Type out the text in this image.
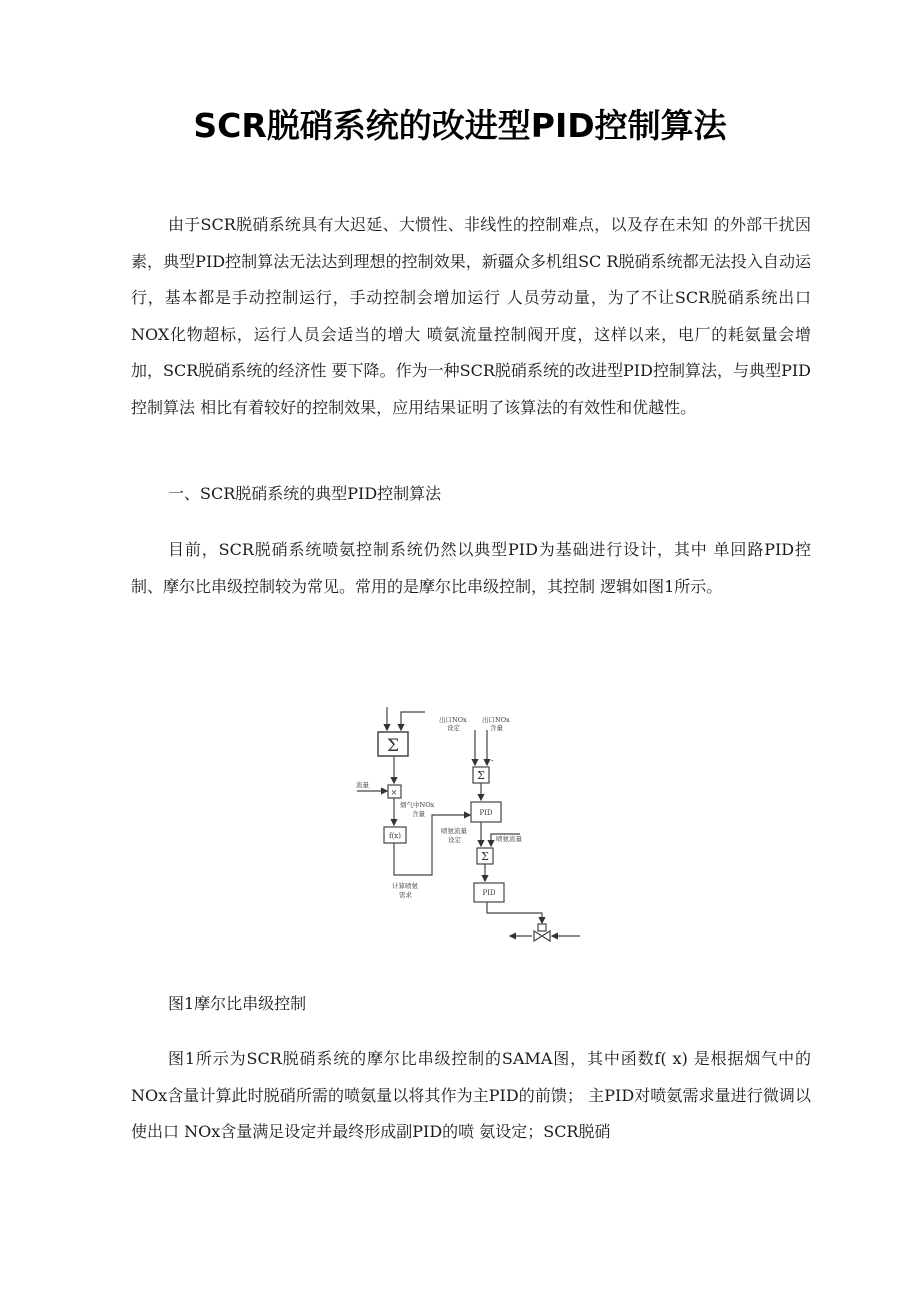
SCR脱硝系统的改进型PID控制算法

由于SCR脱硝系统具有大迟延、大惯性、非线性的控制难点，以及存在未知 的外部干扰因素，典型PID控制算法无法达到理想的控制效果，新疆众多机组SC R脱硝系统都无法投入自动运行，基本都是手动控制运行，手动控制会增加运行 人员劳动量，为了不让SCR脱硝系统出口 NOX化物超标，运行人员会适当的增大 喷氨流量控制阀开度，这样以来，电厂的耗氨量会增加，SCR脱硝系统的经济性 要下降。作为一种SCR脱硝系统的改进型PID控制算法，与典型PID控制算法 相比有着较好的控制效果，应用结果证明了该算法的有效性和优越性。

一、SCR脱硝系统的典型PID控制算法

目前，SCR脱硝系统喷氨控制系统仍然以典型PID为基础进行设计，其中 单回路PID控制、摩尔比串级控制较为常见。常用的是摩尔比串级控制，其控制 逻辑如图1所示。

Σ
×
f(x)
Σ
Σ
PID
PID
流量
烟气中NOx
含量
出口NOx
设定
出口NOx
含量
喷氨流量
设定	喷氨流量
计算喷氨
需求
-
图1摩尔比串级控制

图1所示为SCR脱硝系统的摩尔比串级控制的SAMA图，其中函数f( x) 是根据烟气中的NOx含量计算此时脱硝所需的喷氨量以将其作为主PID的前馈； 主PID对喷氨需求量进行微调以使出口 NOx含量满足设定并最终形成副PID的喷 氨设定；SCR脱硝
